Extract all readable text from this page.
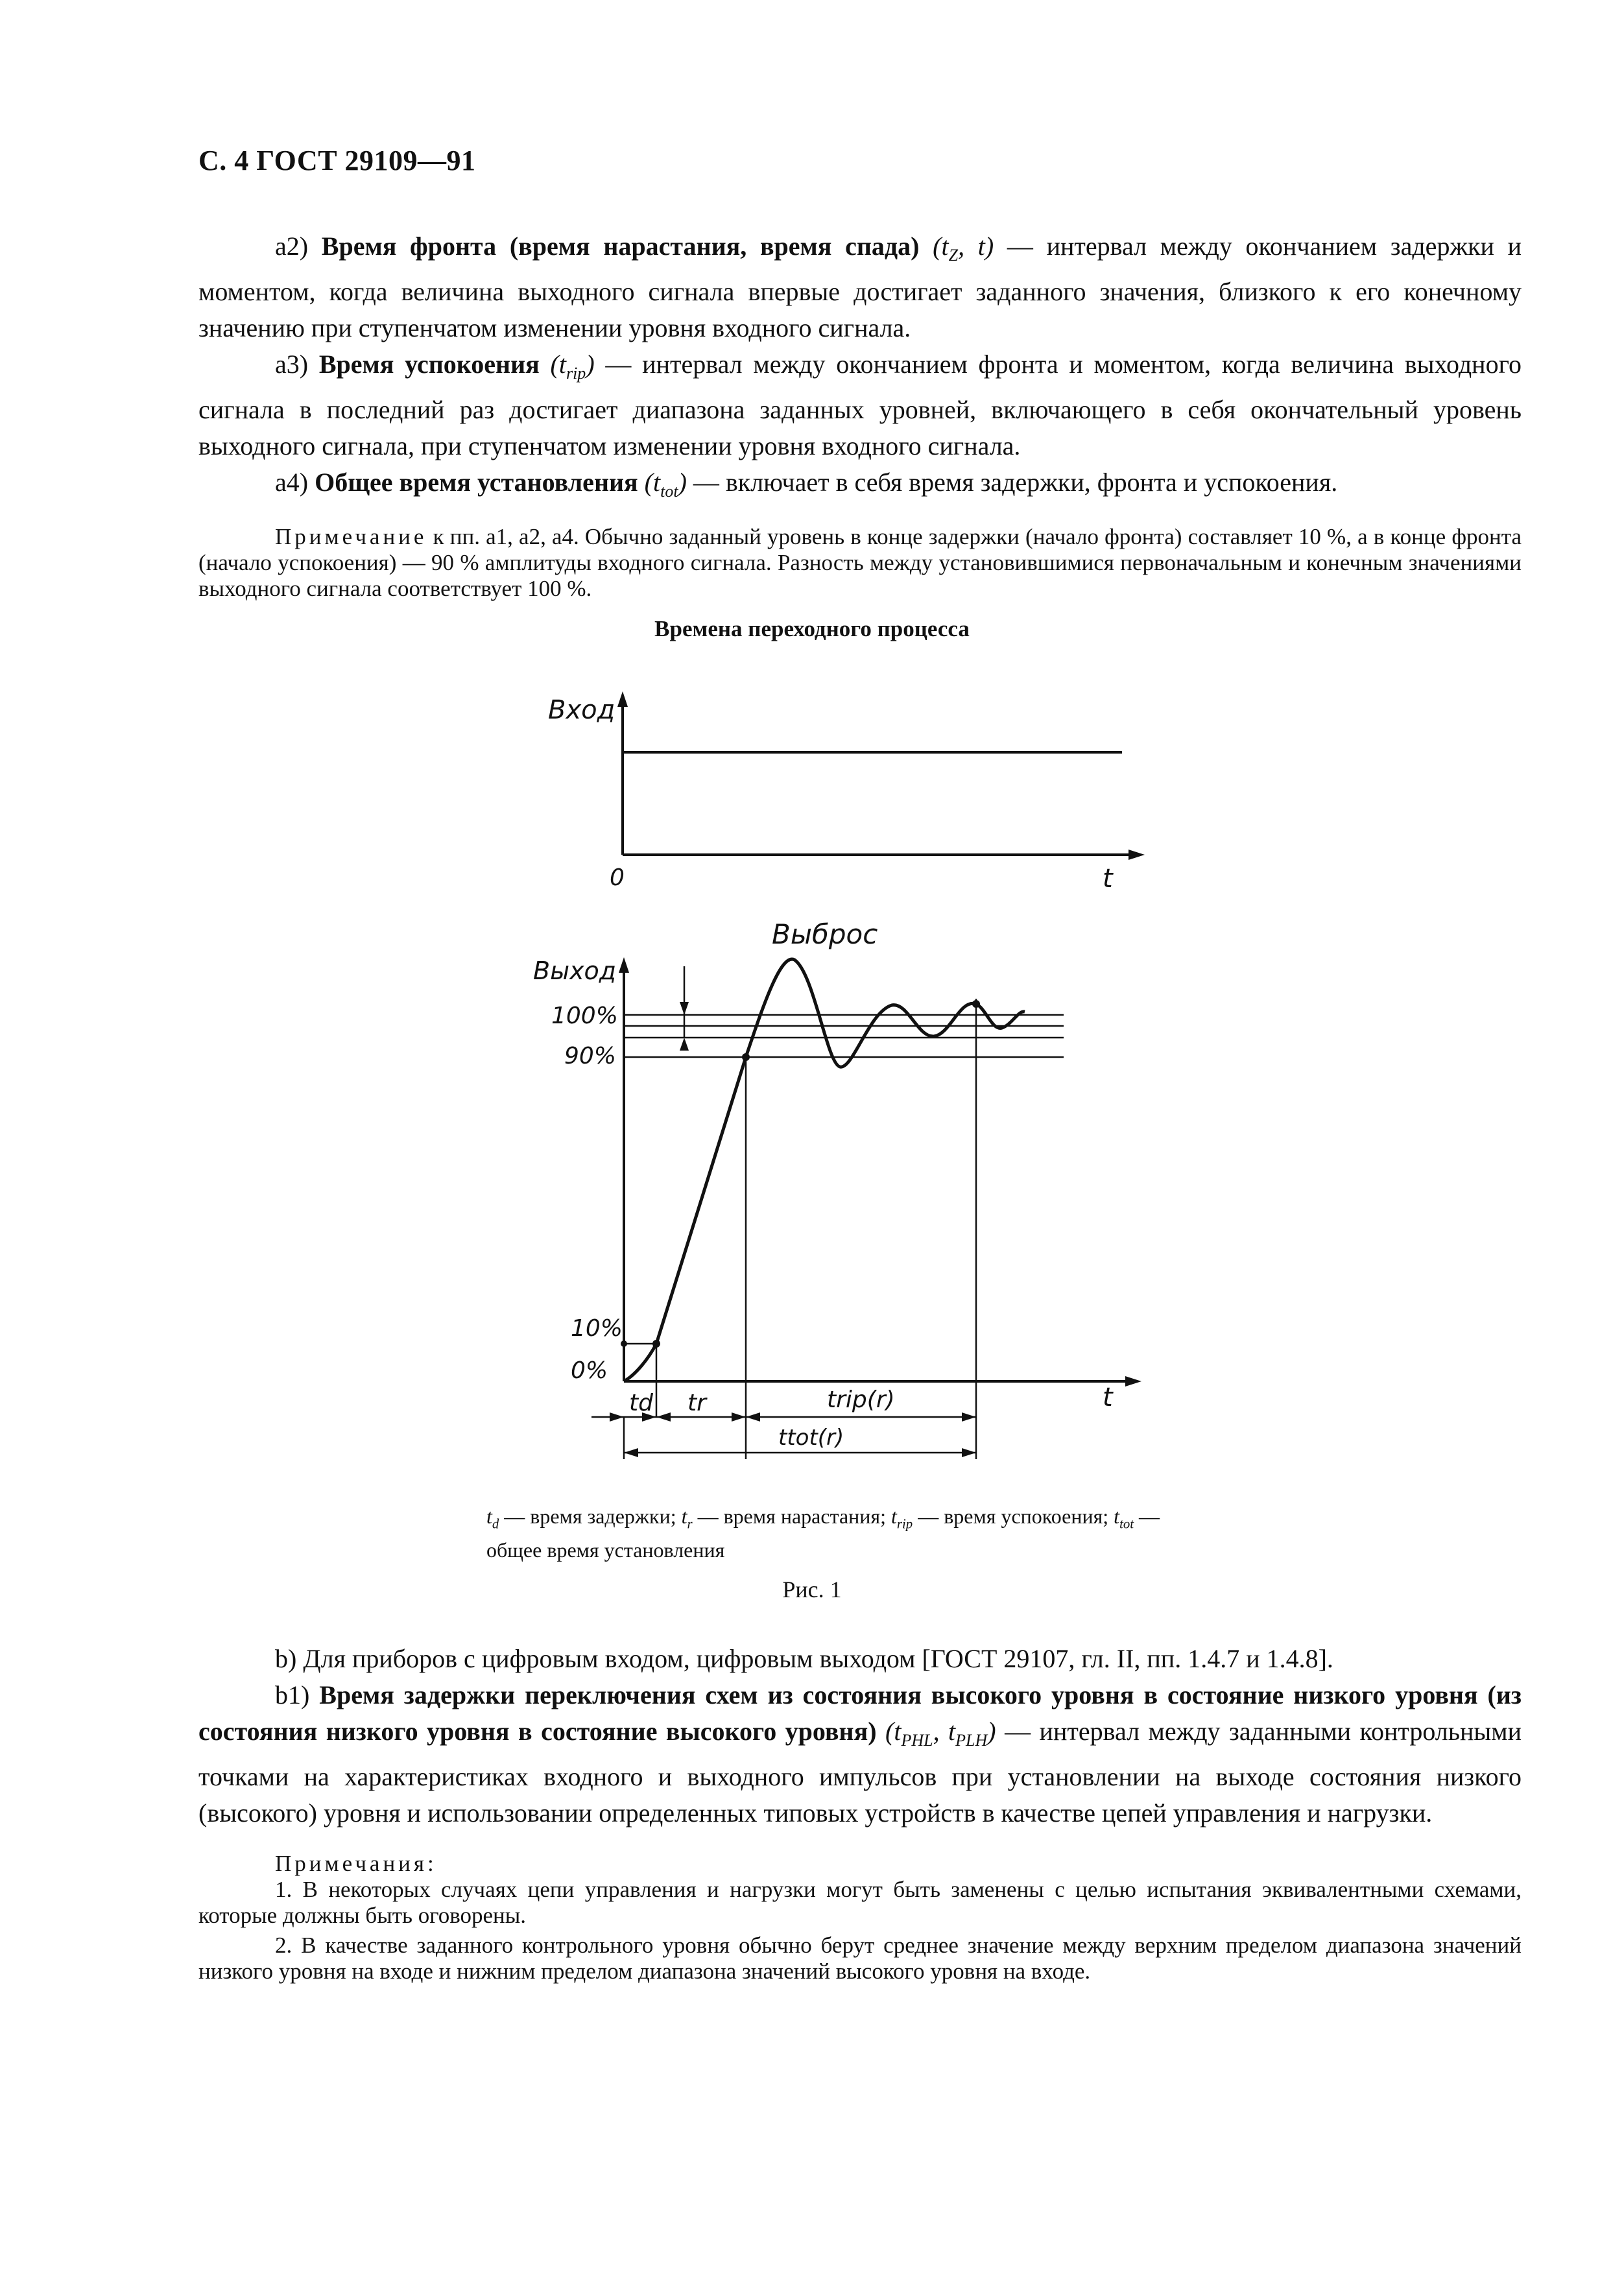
С. 4 ГОСТ 29109—91

а2) Время фронта (время нарастания, время спада) ($t_Z$, t) — интервал между окончанием задержки и моментом, когда величина выходного сигнала впервые достигает заданного значения, близкого к его конечному значению при ступенчатом изменении уровня входного сигнала.

а3) Время успокоения $(t_{rip})$ — интервал между окончанием фронта и моментом, когда величина выходного сигнала в последний раз достигает диапазона заданных уровней, включающего в себя окончательный уровень выходного сигнала, при ступенчатом изменении уровня входного сигнала.

а4) Общее время установления $(t_{tot})$ — включает в себя время задержки, фронта и успокоения.

Примечание к пп. а1, а2, а4. Обычно заданный уровень в конце задержки (начало фронта) составляет 10 %, а в конце фронта (начало успокоения) — 90 % амплитуды входного сигнала. Разность между установившимися первоначальным и конечным значениями выходного сигнала соответствует 100 %.

Времена переходного процесса
Вход
0	t
Выброс
Выход
100%
90%
10%
0%
t
td tr	trip(r)
ttot(r)
$t_d$ — время задержки; $t_r$ — время нарастания; $t_{rip}$ — время успокоения; $t_{tot}$ — общее время установления
Рис. 1

b) Для приборов с цифровым входом, цифровым выходом [ГОСТ 29107, гл. II, пп. 1.4.7 и 1.4.8].

b1) Время задержки переключения схем из состояния высокого уровня в состояние низкого уровня (из состояния низкого уровня в состояние высокого уровня) ($t_{PHL}$, $t_{PLH}$) — интервал между заданными контрольными точками на характеристиках входного и выходного импульсов при установлении на выходе состояния низкого (высокого) уровня и использовании определенных типовых устройств в качестве цепей управления и нагрузки.

Примечания:

1. В некоторых случаях цепи управления и нагрузки могут быть заменены с целью испытания эквивалентными схемами, которые должны быть оговорены.

2. В качестве заданного контрольного уровня обычно берут среднее значение между верхним пределом диапазона значений низкого уровня на входе и нижним пределом диапазона значений высокого уровня на входе.
